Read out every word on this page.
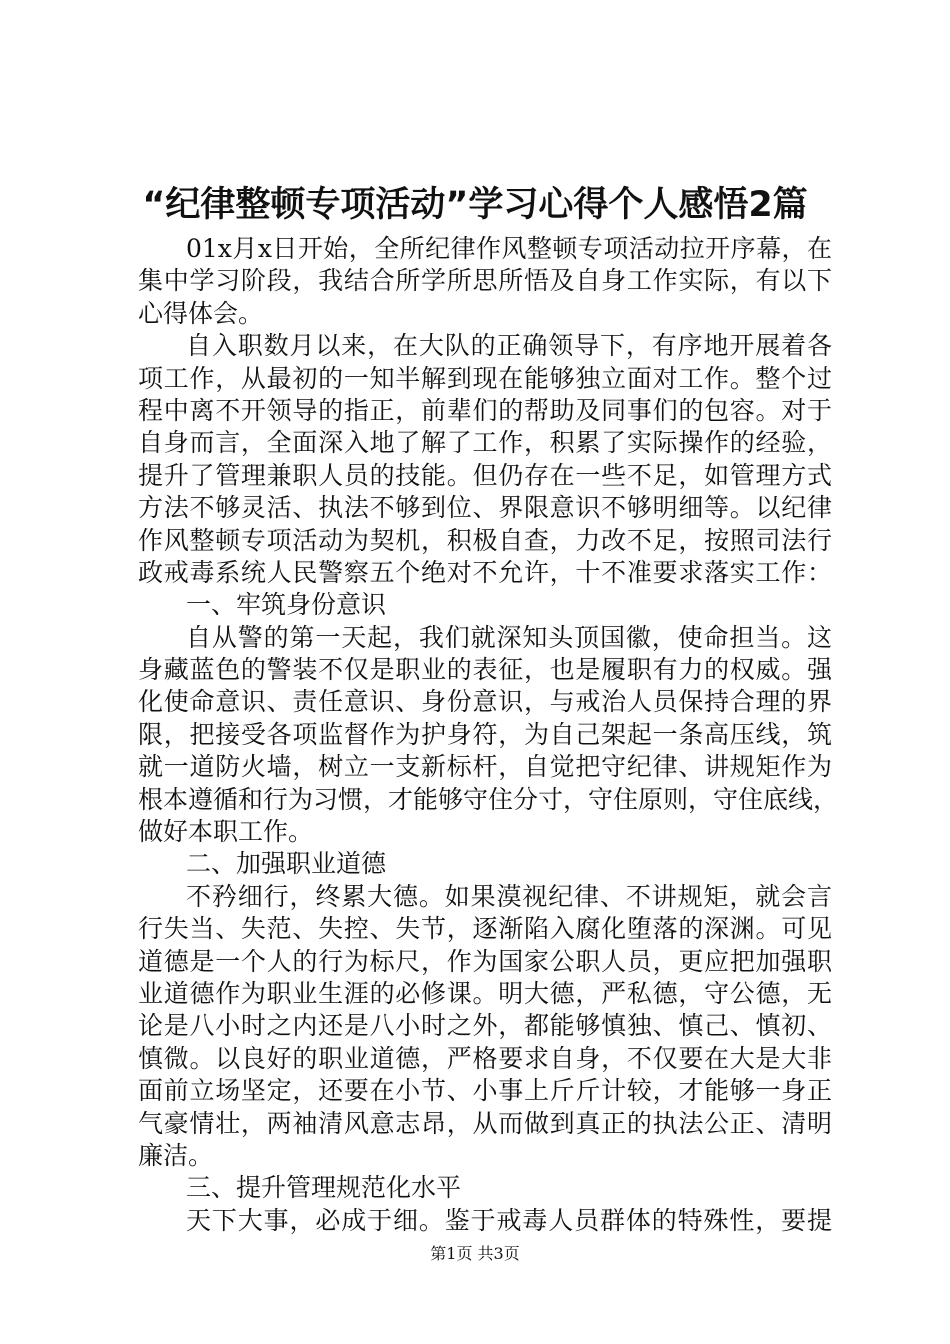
“纪律整顿专项活动”学习心得个人感悟2篇
01x月x日开始，全所纪律作风整顿专项活动拉开序幕，在
集中学习阶段，我结合所学所思所悟及自身工作实际，有以下
心得体会。
自入职数月以来，在大队的正确领导下，有序地开展着各
项工作，从最初的一知半解到现在能够独立面对工作。整个过
程中离不开领导的指正，前辈们的帮助及同事们的包容。对于
自身而言，全面深入地了解了工作，积累了实际操作的经验，
提升了管理兼职人员的技能。但仍存在一些不足，如管理方式
方法不够灵活、执法不够到位、界限意识不够明细等。以纪律
作风整顿专项活动为契机，积极自查，力改不足，按照司法行
政戒毒系统人民警察五个绝对不允许，十不准要求落实工作：
一、牢筑身份意识
自从警的第一天起，我们就深知头顶国徽，使命担当。这
身藏蓝色的警装不仅是职业的表征，也是履职有力的权威。强
化使命意识、责任意识、身份意识，与戒治人员保持合理的界
限，把接受各项监督作为护身符，为自己架起一条高压线，筑
就一道防火墙，树立一支新标杆，自觉把守纪律、讲规矩作为
根本遵循和行为习惯，才能够守住分寸，守住原则，守住底线，
做好本职工作。
二、加强职业道德
不矜细行，终累大德。如果漠视纪律、不讲规矩，就会言
行失当、失范、失控、失节，逐渐陷入腐化堕落的深渊。可见
道德是一个人的行为标尺，作为国家公职人员，更应把加强职
业道德作为职业生涯的必修课。明大德，严私德，守公德，无
论是八小时之内还是八小时之外，都能够慎独、慎己、慎初、
慎微。以良好的职业道德，严格要求自身，不仅要在大是大非
面前立场坚定，还要在小节、小事上斤斤计较，才能够一身正
气豪情壮，两袖清风意志昂，从而做到真正的执法公正、清明
廉洁。
三、提升管理规范化水平
天下大事，必成于细。鉴于戒毒人员群体的特殊性，要提
第1页 共3页
